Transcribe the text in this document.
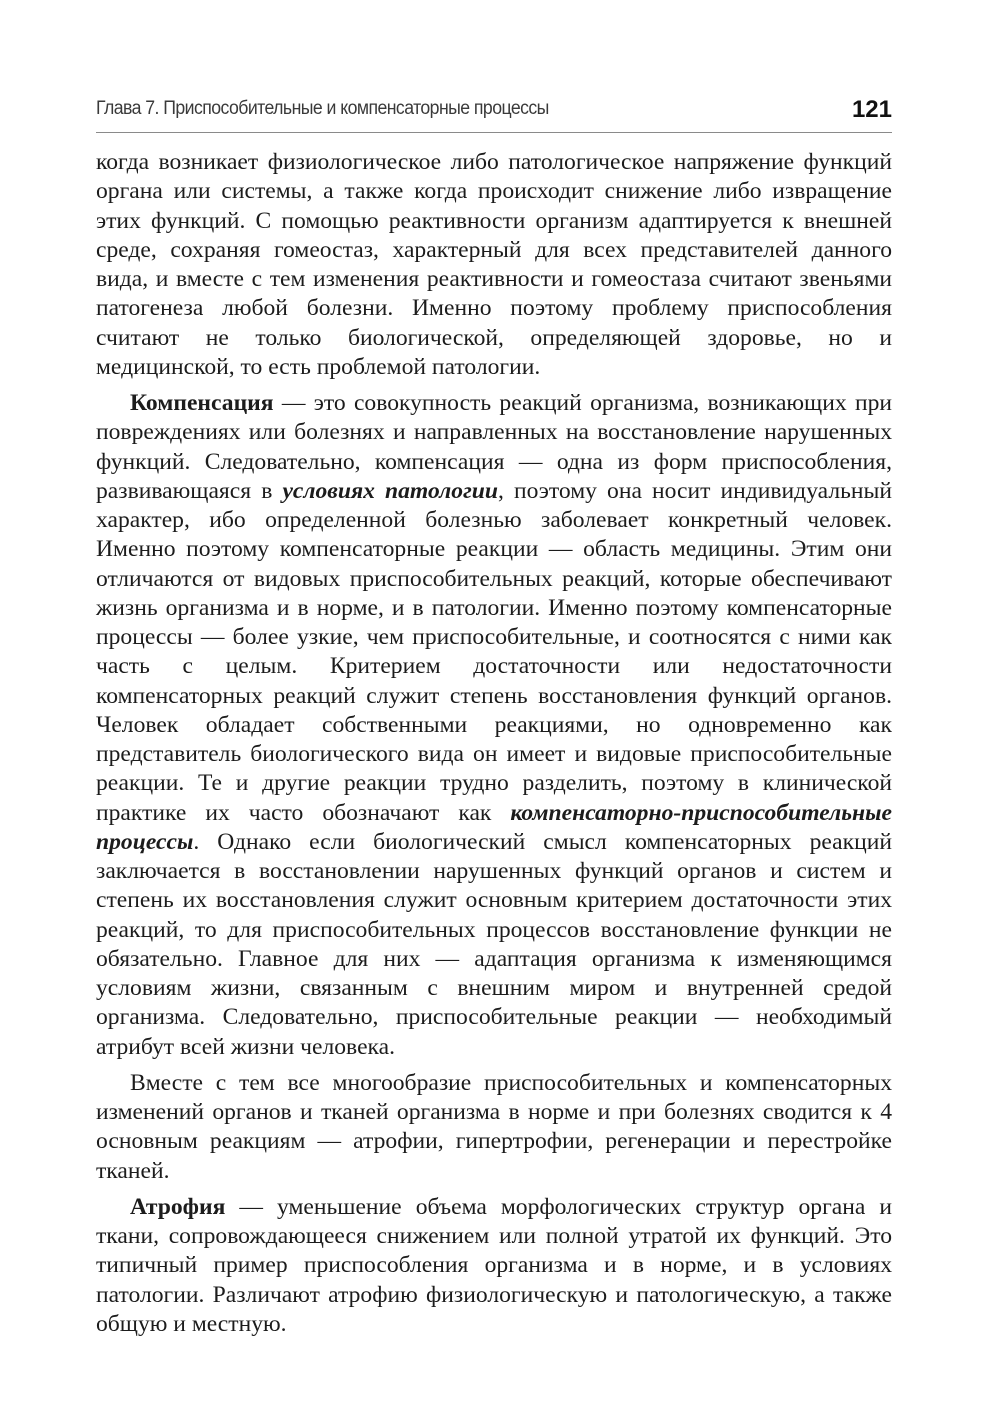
Глава 7. Приспособительные и компенсаторные процессы	121

когда возникает физиологическое либо патологическое напряжение функций органа или системы, а также когда происходит снижение либо извращение этих функций. С помощью реактивности организм адаптируется к внешней среде, сохраняя гомеостаз, характерный для всех представителей данного вида, и вместе с тем изменения реактивности и гомеостаза считают звеньями патогенеза любой болезни. Именно поэтому проблему приспособления считают не только биологической, определяющей здоровье, но и медицинской, то есть проблемой патологии.

Компенсация — это совокупность реакций организма, возникающих при повреждениях или болезнях и направленных на восстановление нарушенных функций. Следовательно, компенсация — одна из форм приспособления, развивающаяся в условиях патологии, поэтому она носит индивидуальный характер, ибо определенной болезнью заболевает конкретный человек. Именно поэтому компенсаторные реакции — область медицины. Этим они отличаются от видовых приспособительных реакций, которые обеспечивают жизнь организма и в норме, и в патологии. Именно поэтому компенсаторные процессы — более узкие, чем приспособительные, и соотносятся с ними как часть с целым. Критерием достаточности или недостаточности компенсаторных реакций служит степень восстановления функций органов. Человек обладает собственными реакциями, но одновременно как представитель биологического вида он имеет и видовые приспособительные реакции. Те и другие реакции трудно разделить, поэтому в клинической практике их часто обозначают как компенсаторно-приспособительные процессы. Однако если биологический смысл компенсаторных реакций заключается в восстановлении нарушенных функций органов и систем и степень их восстановления служит основным критерием достаточности этих реакций, то для приспособительных процессов восстановление функции не обязательно. Главное для них — адаптация организма к изменяющимся условиям жизни, связанным с внешним миром и внутренней средой организма. Следовательно, приспособительные реакции — необходимый атрибут всей жизни человека.

Вместе с тем все многообразие приспособительных и компенсаторных изменений органов и тканей организма в норме и при болезнях сводится к 4 основным реакциям — атрофии, гипертрофии, регенерации и перестройке тканей.

Атрофия — уменьшение объема морфологических структур органа и ткани, сопровождающееся снижением или полной утратой их функций. Это типичный пример приспособления организма и в норме, и в условиях патологии. Различают атрофию физиологическую и патологическую, а также общую и местную.
